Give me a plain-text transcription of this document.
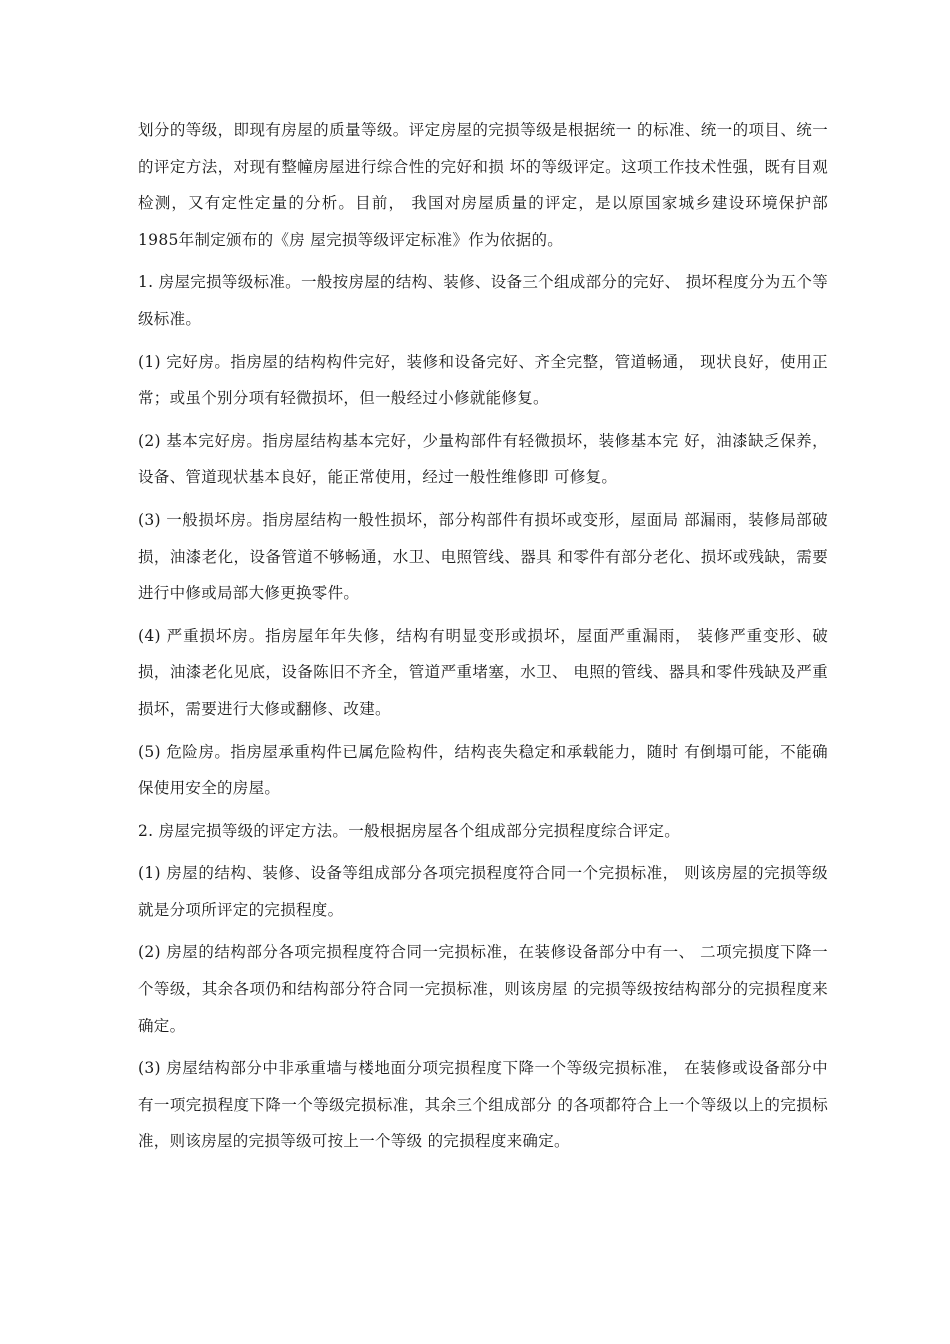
划分的等级，即现有房屋的质量等级。评定房屋的完损等级是根据统一 的标准、统一的项目、统一的评定方法，对现有整幢房屋进行综合性的完好和损 坏的等级评定。这项工作技术性强，既有目观检测，又有定性定量的分析。目前， 我国对房屋质量的评定，是以原国家城乡建设环境保护部1985年制定颁布的《房 屋完损等级评定标准》作为依据的。

1. 房屋完损等级标准。一般按房屋的结构、装修、设备三个组成部分的完好、 损坏程度分为五个等级标准。

(1) 完好房。指房屋的结构构件完好，装修和设备完好、齐全完整，管道畅通， 现状良好，使用正常；或虽个别分项有轻微损坏，但一般经过小修就能修复。

(2) 基本完好房。指房屋结构基本完好，少量构部件有轻微损坏，装修基本完 好，油漆缺乏保养，设备、管道现状基本良好，能正常使用，经过一般性维修即 可修复。

(3) 一般损坏房。指房屋结构一般性损坏，部分构部件有损坏或变形，屋面局 部漏雨，装修局部破损，油漆老化，设备管道不够畅通，水卫、电照管线、器具 和零件有部分老化、损坏或残缺，需要进行中修或局部大修更换零件。

(4) 严重损坏房。指房屋年年失修，结构有明显变形或损坏，屋面严重漏雨， 装修严重变形、破损，油漆老化见底，设备陈旧不齐全，管道严重堵塞，水卫、 电照的管线、器具和零件残缺及严重损坏，需要进行大修或翻修、改建。

(5) 危险房。指房屋承重构件已属危险构件，结构丧失稳定和承载能力，随时 有倒塌可能，不能确保使用安全的房屋。

2. 房屋完损等级的评定方法。一般根据房屋各个组成部分完损程度综合评定。

(1) 房屋的结构、装修、设备等组成部分各项完损程度符合同一个完损标准， 则该房屋的完损等级就是分项所评定的完损程度。

(2) 房屋的结构部分各项完损程度符合同一完损标准，在装修设备部分中有一、 二项完损度下降一个等级，其余各项仍和结构部分符合同一完损标准，则该房屋 的完损等级按结构部分的完损程度来确定。

(3) 房屋结构部分中非承重墙与楼地面分项完损程度下降一个等级完损标准， 在装修或设备部分中有一项完损程度下降一个等级完损标准，其余三个组成部分 的各项都符合上一个等级以上的完损标准，则该房屋的完损等级可按上一个等级 的完损程度来确定。
